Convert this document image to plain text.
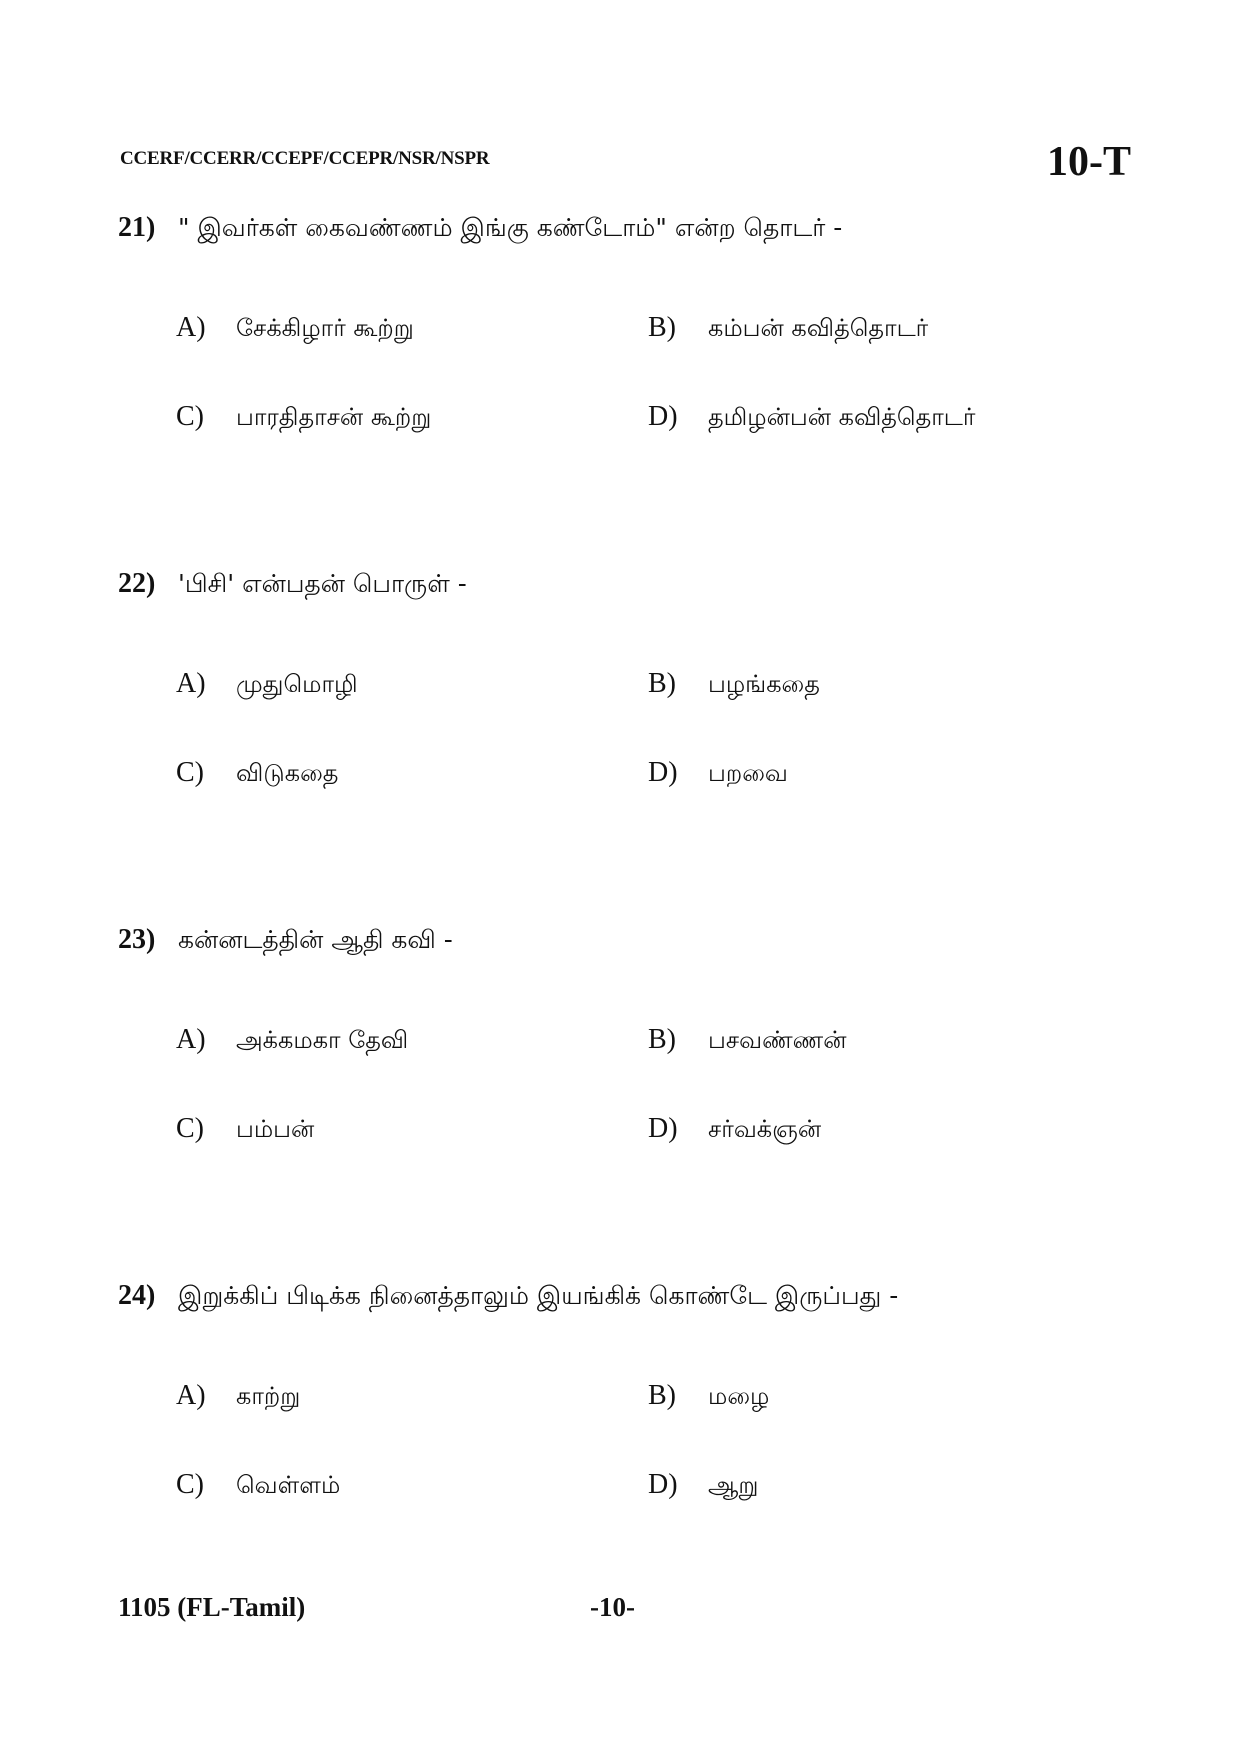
CCERF/CCERR/CCEPF/CCEPR/NSR/NSPR	10-T
21) " இவர்கள் கைவண்ணம் இங்கு கண்டோம்" என்ற தொடர் -
A)	சேக்கிழார் கூற்று	B)	கம்பன் கவித்தொடர்
C)	பாரதிதாசன் கூற்று	D)	தமிழன்பன் கவித்தொடர்
22) 'பிசி' என்பதன் பொருள் -
A)	முதுமொழி	B)	பழங்கதை
C)	விடுகதை	D)	பறவை
23) கன்னடத்தின் ஆதி கவி -
A)	அக்கமகா தேவி	B)	பசவண்ணன்
C)	பம்பன்	D)	சர்வக்ஞன்
24) இறுக்கிப் பிடிக்க நினைத்தாலும் இயங்கிக் கொண்டே இருப்பது -
A)	காற்று	B)	மழை
C)	வெள்ளம்	D)	ஆறு
1105 (FL-Tamil)	-10-
